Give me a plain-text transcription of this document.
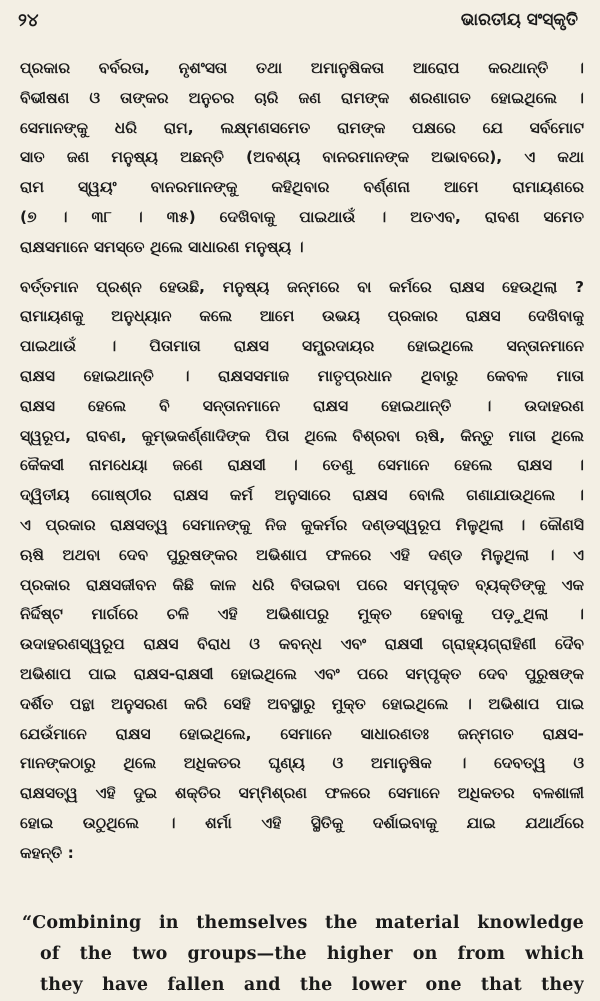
୨୪	ଭାରତୀୟ ସଂସ୍କୃତି
ପ୍ରକାର ବର୍ବରତା, ନୃଶଂସତା ତଥା ଅମାନୁଷିକତା ଆରୋପ କରଥାନ୍ତି ।
ବିଭୀଷଣ ଓ ତାଙ୍କର ଅନୁଚର ଚାରି ଜଣ ରାମଙ୍କ ଶରଣାଗତ ହୋଇଥିଲେ ।
ସେମାନଙ୍କୁ ଧରି ରାମ, ଲକ୍ଷ୍ମଣସମେତ ରାମଙ୍କ ପକ୍ଷରେ ଯେ ସର୍ବମୋଟ
ସାତ ଜଣ ମନୁଷ୍ୟ ଅଛନ୍ତି (ଅବଶ୍ୟ ବାନରମାନଙ୍କ ଅଭାବରେ), ଏ କଥା
ରାମ ସ୍ୱୟଂ ବାନରମାନଙ୍କୁ କହିଥିବାର ବର୍ଣ୍ଣନା ଆମେ ରାମାୟଣରେ
(୭ । ୩୮ । ୩୫) ଦେଖିବାକୁ ପାଇଥାଉଁ । ଅତଏବ, ରାବଣ ସମେତ
ରାକ୍ଷସମାନେ ସମସ୍ତେ ଥିଲେ ସାଧାରଣ ମନୁଷ୍ୟ ।
ବର୍ତ୍ତମାନ ପ୍ରଶ୍ନ ହେଉଛି, ମନୁଷ୍ୟ ଜନ୍ମରେ ବା କର୍ମରେ ରାକ୍ଷସ ହେଉଥିଲା ?
ରାମାୟଣକୁ ଅନୁଧ୍ୟାନ କଲେ ଆମେ ଉଭୟ ପ୍ରକାର ରାକ୍ଷସ ଦେଖିବାକୁ
ପାଇଥାଉଁ । ପିତାମାତା ରାକ୍ଷସ ସମ୍ପ୍ରଦାୟର ହୋଇଥିଲେ ସନ୍ତାନମାନେ
ରାକ୍ଷସ ହୋଇଥାନ୍ତି । ରାକ୍ଷସସମାଜ ମାତୃପ୍ରଧାନ ଥିବାରୁ କେବଳ ମାତା
ରାକ୍ଷସ ହେଲେ ବି ସନ୍ତାନମାନେ ରାକ୍ଷସ ହୋଇଥାନ୍ତି । ଉଦାହରଣ
ସ୍ୱରୂପ, ରାବଣ, କୁମ୍ଭକର୍ଣ୍ଣାଦିଙ୍କ ପିତା ଥିଲେ ବିଶ୍ରବା ଋଷି, କିନ୍ତୁ ମାତା ଥିଲେ
କୈକସୀ ନାମଧେୟା ଜଣେ ରାକ୍ଷସୀ । ତେଣୁ ସେମାନେ ହେଲେ ରାକ୍ଷସ ।
ଦ୍ୱିତୀୟ ଗୋଷ୍ଠୀର ରାକ୍ଷସ କର୍ମ ଅନୁସାରେ ରାକ୍ଷସ ବୋଲି ଗଣାଯାଉଥିଲେ ।
ଏ ପ୍ରକାର ରାକ୍ଷସତ୍ୱ ସେମାନଙ୍କୁ ନିଜ କୁକର୍ମର ଦଣ୍ଡସ୍ୱରୂପ ମିଳୁଥିଲା । କୌଣସି
ଋଷି ଅଥବା ଦେବ ପୁରୁଷଙ୍କର ଅଭିଶାପ ଫଳରେ ଏହି ଦଣ୍ଡ ମିଳୁଥିଲା । ଏ
ପ୍ରକାର ରାକ୍ଷସଜୀବନ କିଛି କାଳ ଧରି ବିତାଇବା ପରେ ସମ୍ପୃକ୍ତ ବ୍ୟକ୍ତିଙ୍କୁ ଏକ
ନିର୍ଦ୍ଦିଷ୍ଟ ମାର୍ଗରେ ଚଳି ଏହି ଅଭିଶାପରୁ ମୁକ୍ତ ହେବାକୁ ପଡ଼ୁଥିଲା ।
ଉଦାହରଣସ୍ୱରୂପ ରାକ୍ଷସ ବିରାଧ ଓ କବନ୍ଧ ଏବଂ ରାକ୍ଷସୀ ଗ୍ରାହ୍ୟଗ୍ରାହିଣୀ ଦୈବ
ଅଭିଶାପ ପାଇ ରାକ୍ଷସ-ରାକ୍ଷସୀ ହୋଇଥିଲେ ଏବଂ ପରେ ସମ୍ପୃକ୍ତ ଦେବ ପୁରୁଷଙ୍କ
ଦର୍ଶିତ ପନ୍ଥା ଅନୁସରଣ କରି ସେହି ଅବସ୍ଥାରୁ ମୁକ୍ତ ହୋଇଥିଲେ । ଅଭିଶାପ ପାଇ
ଯେଉଁମାନେ ରାକ୍ଷସ ହୋଇଥିଲେ, ସେମାନେ ସାଧାରଣତଃ ଜନ୍ମଗତ ରାକ୍ଷସ-
ମାନଙ୍କଠାରୁ ଥିଲେ ଅଧିକତର ଘୃଣ୍ୟ ଓ ଅମାନୁଷିକ । ଦେବତ୍ୱ ଓ
ରାକ୍ଷସତ୍ୱ ଏହି ଦୁଇ ଶକ୍ତିର ସମ୍ମିଶ୍ରଣ ଫଳରେ ସେମାନେ ଅଧିକତର ବଳଶାଳୀ
ହୋଇ ଉଠୁଥିଲେ । ଶର୍ମା ଏହି ସ୍ଥିତିକୁ ଦର୍ଶାଇବାକୁ ଯାଇ ଯଥାର୍ଥରେ
କହନ୍ତି :
“Combining in themselves the material knowledge
of the two groups—the higher on from which
they have fallen and the lower one that they
